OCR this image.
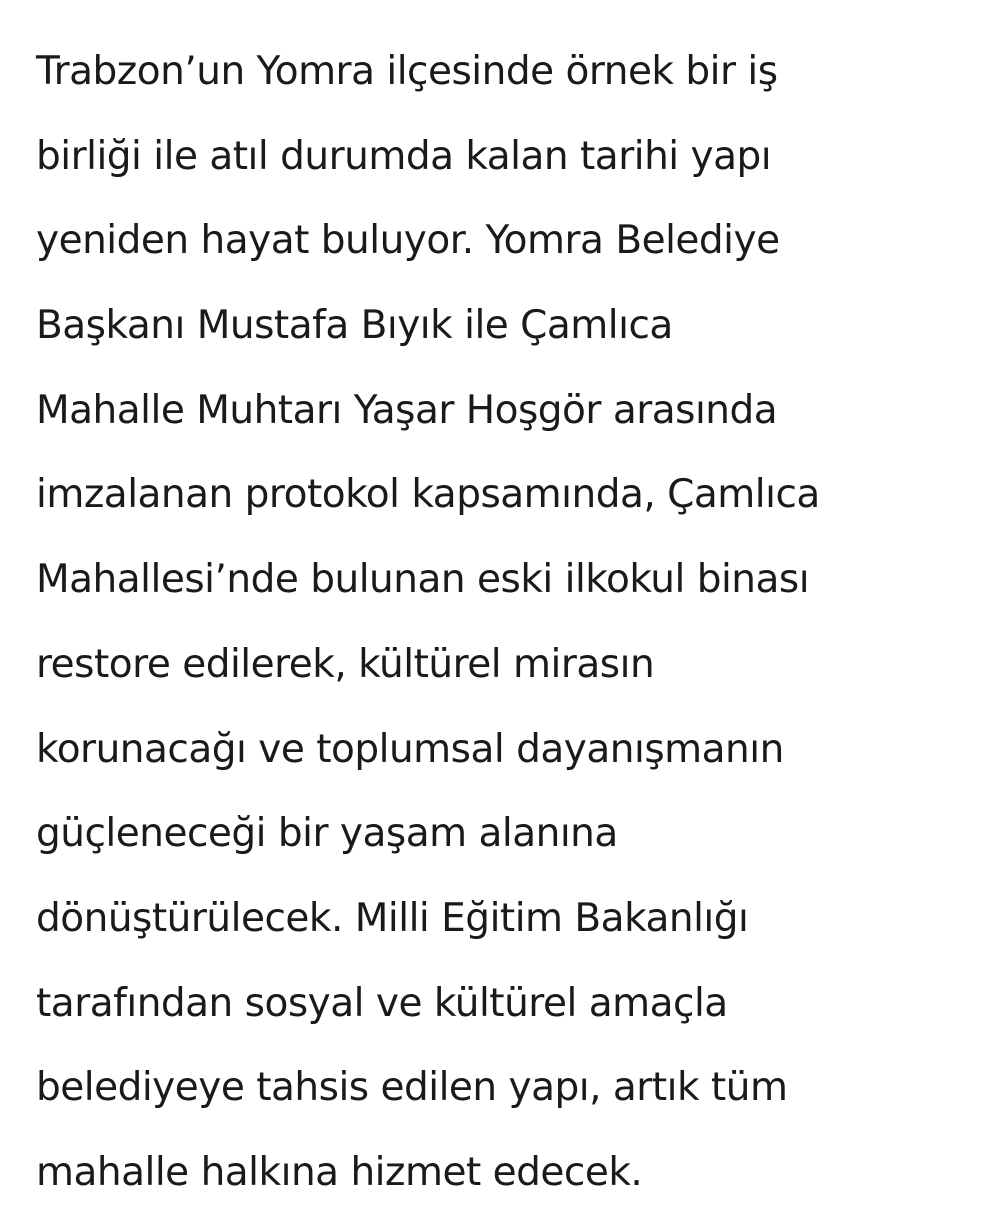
Trabzon’un Yomra ilçesinde örnek bir iş
birliği ile atıl durumda kalan tarihi yapı
yeniden hayat buluyor. Yomra Belediye
Başkanı Mustafa Bıyık ile Çamlıca
Mahalle Muhtarı Yaşar Hoşgör arasında
imzalanan protokol kapsamında, Çamlıca
Mahallesi’nde bulunan eski ilkokul binası
restore edilerek, kültürel mirasın
korunacağı ve toplumsal dayanışmanın
güçleneceği bir yaşam alanına
dönüştürülecek. Milli Eğitim Bakanlığı
tarafından sosyal ve kültürel amaçla
belediyeye tahsis edilen yapı, artık tüm
mahalle halkına hizmet edecek.
